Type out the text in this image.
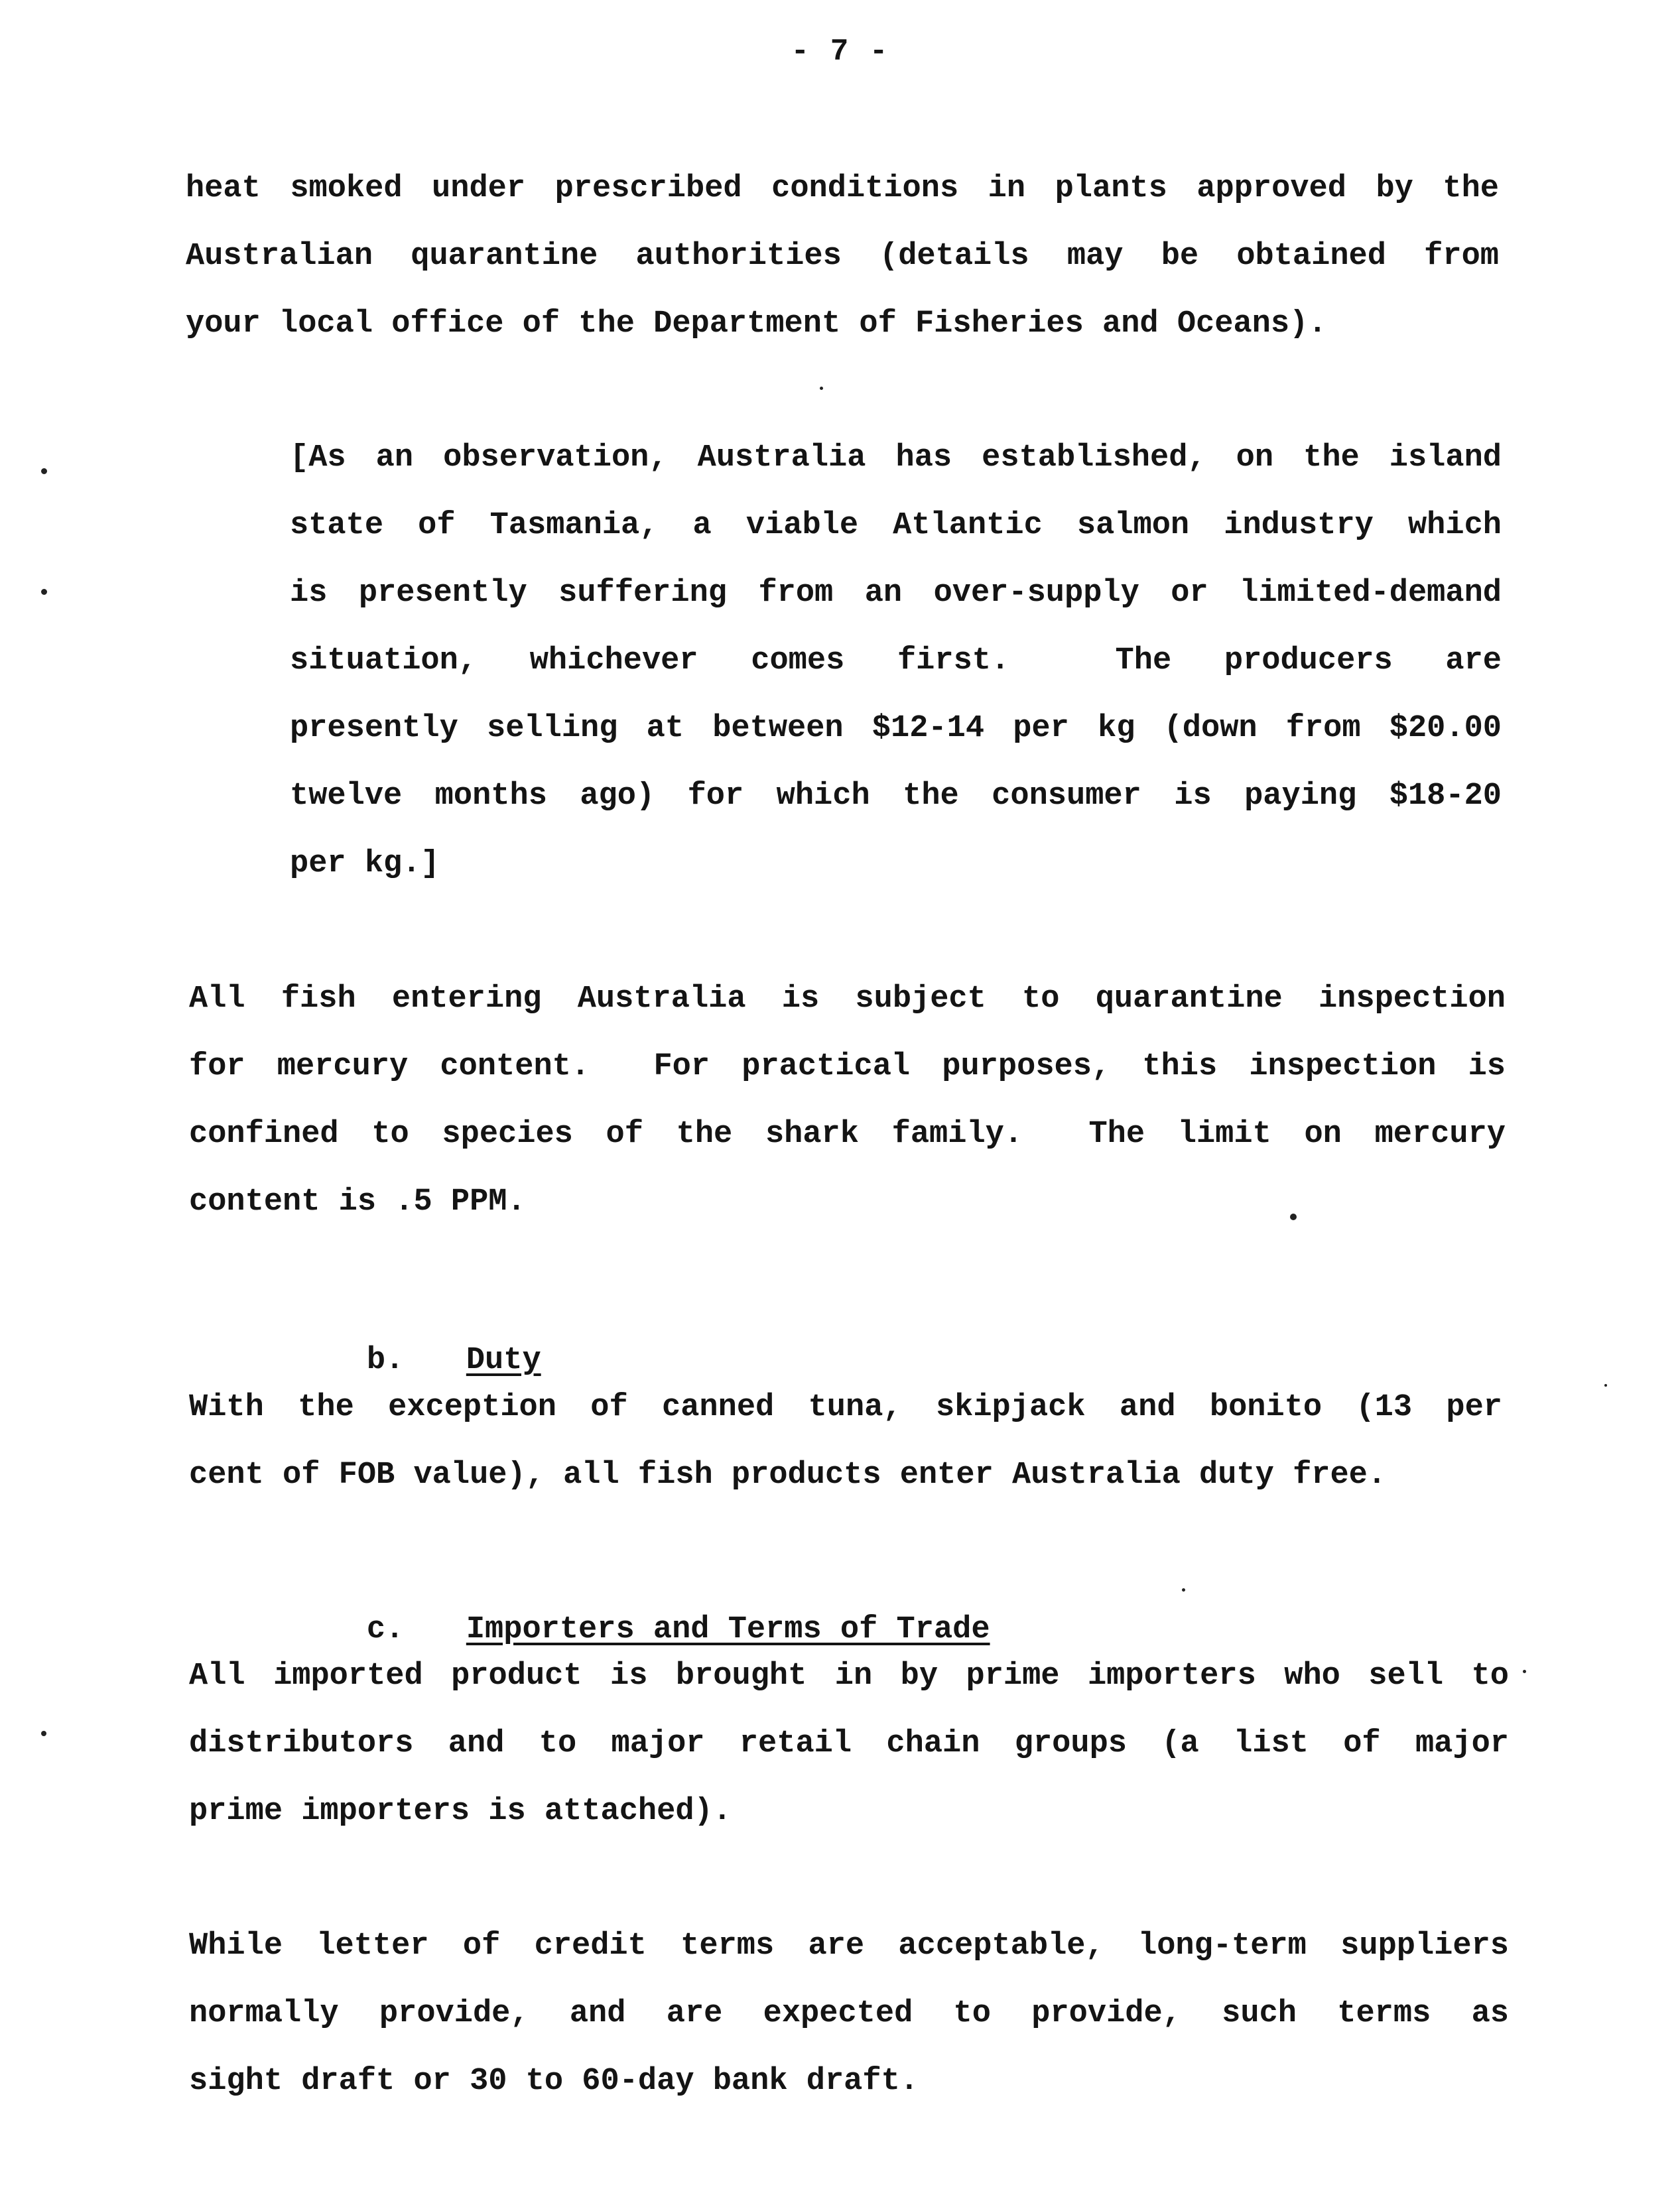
- 7 -
heat smoked under prescribed conditions in plants approved by the
Australian quarantine authorities (details may be obtained from
your local office of the Department of Fisheries and Oceans).
[As an observation, Australia has established, on the island
state of Tasmania, a viable Atlantic salmon industry which
is presently suffering from an over-supply or limited-demand
situation, whichever comes first.  The producers are
presently selling at between $12-14 per kg (down from $20.00
twelve months ago) for which the consumer is paying $18-20
per kg.]
All fish entering Australia is subject to quarantine inspection
for mercury content.  For practical purposes, this inspection is
confined to species of the shark family.  The limit on mercury
content is .5 PPM.

b. Duty

With the exception of canned tuna, skipjack and bonito (13 per
cent of FOB value), all fish products enter Australia duty free.

c. Importers and Terms of Trade

All imported product is brought in by prime importers who sell to
distributors and to major retail chain groups (a list of major
prime importers is attached).
While letter of credit terms are acceptable, long-term suppliers
normally provide, and are expected to provide, such terms as
sight draft or 30 to 60-day bank draft.
